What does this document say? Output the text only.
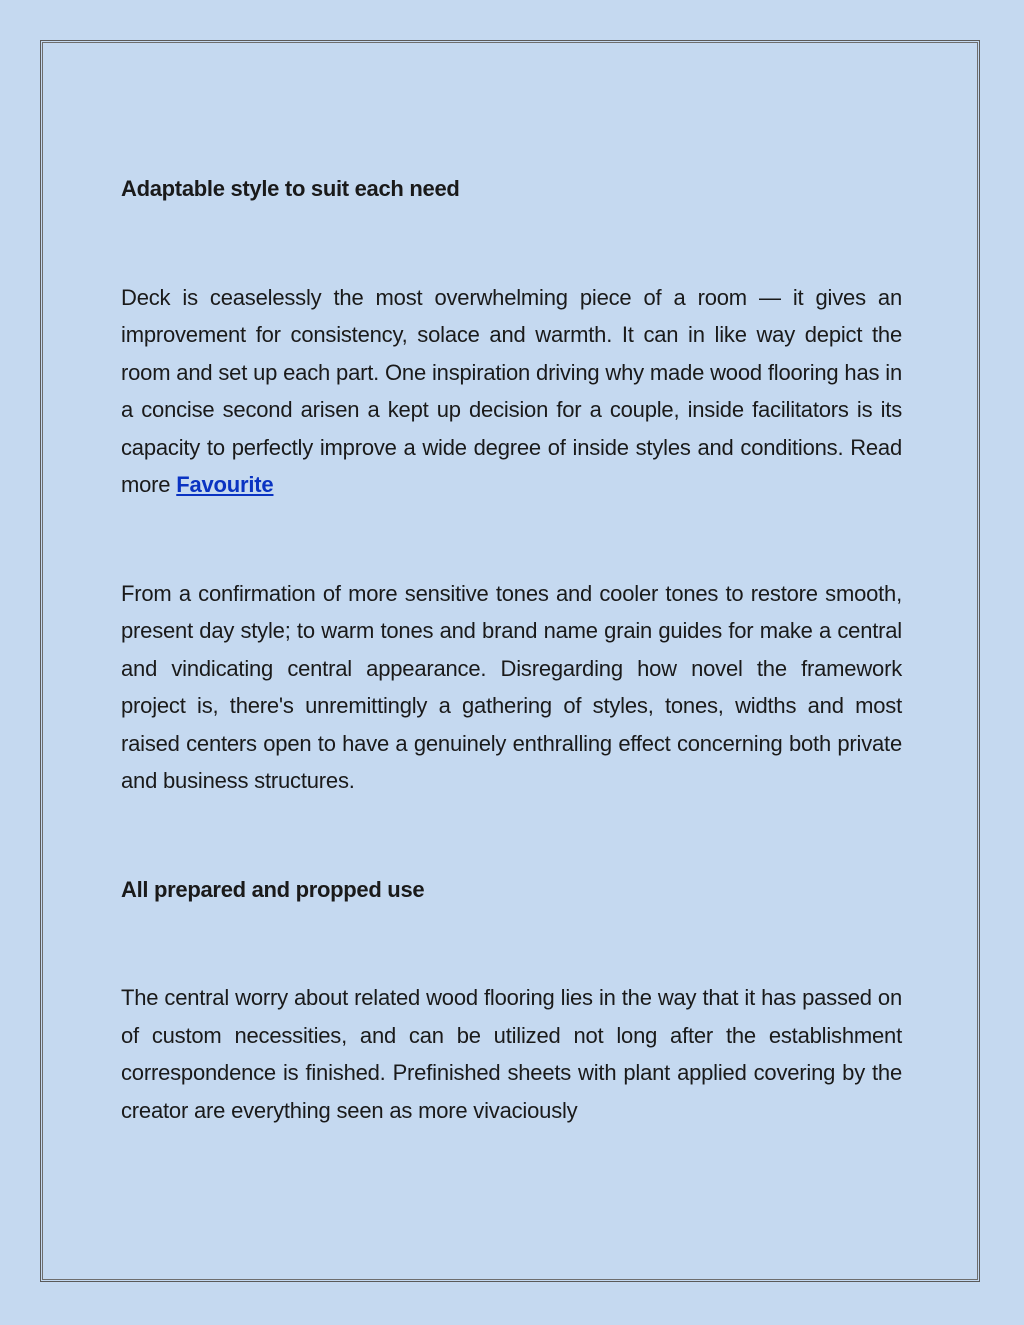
Adaptable style to suit each need

Deck is ceaselessly the most overwhelming piece of a room — it gives an improvement for consistency, solace and warmth. It can in like way depict the room and set up each part. One inspiration driving why made wood flooring has in a concise second arisen a kept up decision for a couple, inside facilitators is its capacity to perfectly improve a wide degree of inside styles and conditions. Read more Favourite

From a confirmation of more sensitive tones and cooler tones to restore smooth, present day style; to warm tones and brand name grain guides for make a central and vindicating central appearance. Disregarding how novel the framework project is, there's unremittingly a gathering of styles, tones, widths and most raised centers open to have a genuinely enthralling effect concerning both private and business structures.

All prepared and propped use

The central worry about related wood flooring lies in the way that it has passed on of custom necessities, and can be utilized not long after the establishment correspondence is finished. Prefinished sheets with plant applied covering by the creator are everything seen as more vivaciously
